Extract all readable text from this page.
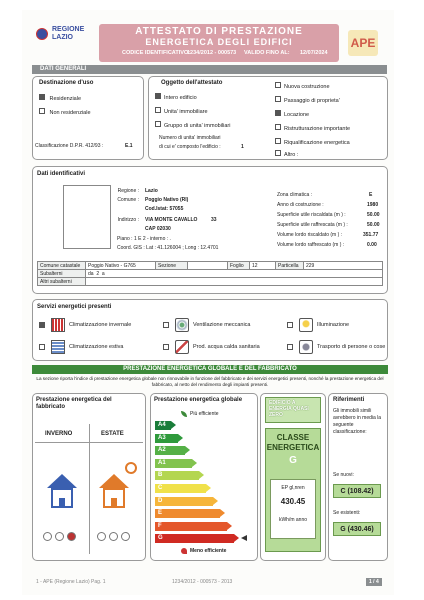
REGIONE
LAZIO
ATTESTATO DI PRESTAZIONE
ENERGETICA DEGLI EDIFICI
CODICE IDENTIFICATIVO:
1234/2012 - 000573 VALIDO FINO AL: 12/07/2024
APE
DATI GENERALI
Destinazione d'uso
Residenziale
Non residenziale
Classificazione D.P.R. 412/93 :	E.1
Oggetto dell'attestato
Intero edificio
Unita' immobiliare
Gruppo di unita' immobiliari
Numero di unita' immobiliari
di cui e' composto l'edificio :	1
Nuova costruzione
Passaggio di proprieta'
Locazione
Ristrutturazione importante
Riqualificazione energetica
Altro :
Dati identificativi
Regione : Lazio
Comune : Poggio Nativo (RI)
Cod.Istat: 57055
Indirizzo : VIA MONTE CAVALLO	33
CAP 02030
Piano : 1 E 2 - interno : .
Coord. GIS : Lat : 41.126004 ; Long : 12.4701
Zona climatica :	E
Anno di costruzione :	1980
Superficie utile riscaldata (m ) :	50.00
Superficie utile raffrescata (m ) :	50.00
Volume lordo riscaldato (m ) :	351.77
Volume lordo raffrescato (m ) :	0.00
Comune catastale	Poggio Nativo - G765	Sezione		Foglio	12	Particella	229
Subalterni	da 2 a						
Altri subalterni							
Servizi energetici presenti
Climatizzazione invernale	Ventilazione meccanica	Illuminazione
Climatizzazione estiva	Prod. acqua calda sanitaria	Trasporto di persone o cose
PRESTAZIONE ENERGETICA GLOBALE E DEL FABBRICATO
La sezione riporta l'indice di prestazione energetica globale non rinnovabile in funzione del fabbricato e dei servizi energetici presenti, nonché la prestazione energetica del fabbricato, al netto del rendimento degli impianti presenti.
Prestazione energetica del fabbricato
INVERNO	ESTATE
Prestazione energetica globale
Più efficiente
A4
A3
A2
A1
B
C
D
E
F
G
Meno efficiente
EDIFICIO A ENERGIA QUASI ZERO
CLASSE ENERGETICA
G
EP gl,nren
430.45
kWh/m anno
Riferimenti
Gli immobili simili avrebbero in media la seguente classificazione:
Se nuovi:
C (108.42)
Se esistenti:
G (430.46)
1 - APE (Regione Lazio) Pag. 1	1234/2012 - 000573 - 2013	1 / 4
